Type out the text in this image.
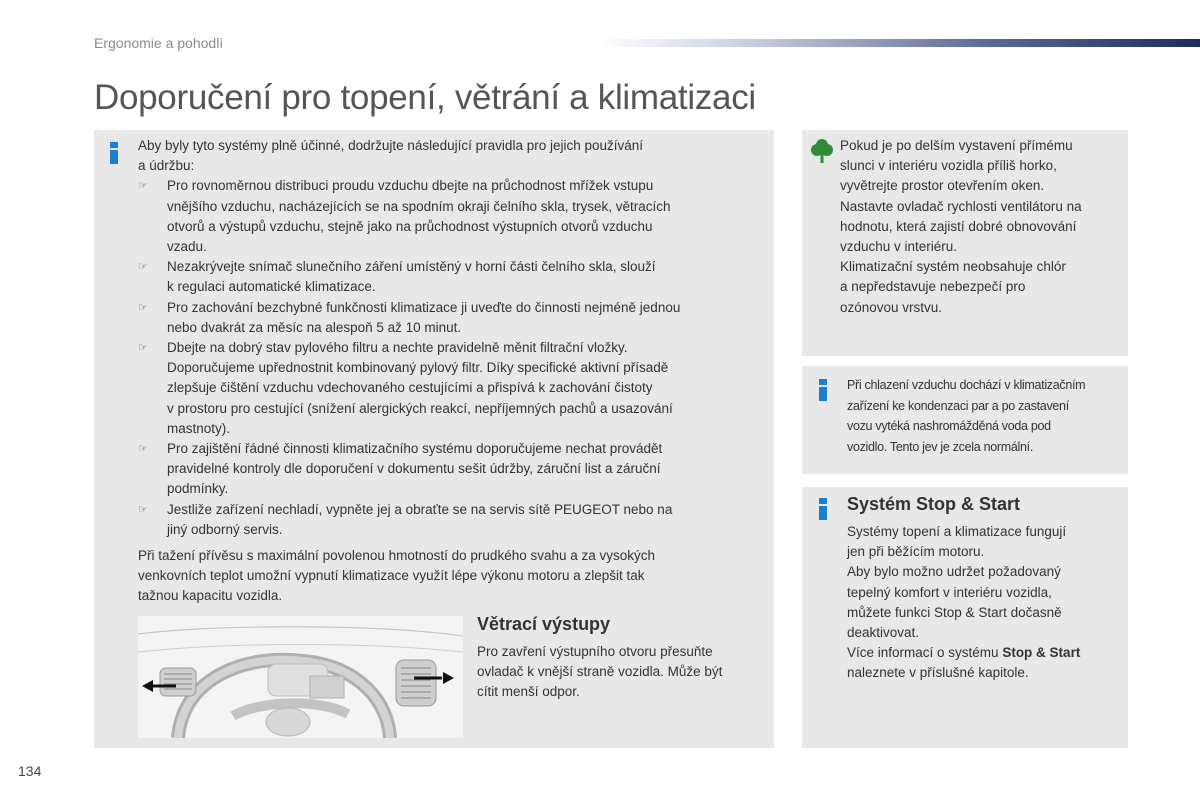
Ergonomie a pohodlí
Doporučení pro topení, větrání a klimatizaci
Aby byly tyto systémy plně účinné, dodržujte následující pravidla pro jejich používání
a údržbu:
☞ Pro rovnoměrnou distribuci proudu vzduchu dbejte na průchodnost mřížek vstupu
vnějšího vzduchu, nacházejících se na spodním okraji čelního skla, trysek, větracích
otvorů a výstupů vzduchu, stejně jako na průchodnost výstupních otvorů vzduchu
vzadu.
☞ Nezakrývejte snímač slunečního záření umístěný v horní části čelního skla, slouží
k regulaci automatické klimatizace.
☞ Pro zachování bezchybné funkčnosti klimatizace ji uveďte do činnosti nejméně jednou
nebo dvakrát za měsíc na alespoň 5 až 10 minut.
☞ Dbejte na dobrý stav pylového filtru a nechte pravidelně měnit filtrační vložky.
Doporučujeme upřednostnit kombinovaný pylový filtr. Díky specifické aktivní přísadě
zlepšuje čištění vzduchu vdechovaného cestujícími a přispívá k zachování čistoty
v prostoru pro cestující (snížení alergických reakcí, nepříjemných pachů a usazování
mastnoty).
☞ Pro zajištění řádné činnosti klimatizačního systému doporučujeme nechat provádět
pravidelné kontroly dle doporučení v dokumentu sešit údržby, záruční list a záruční
podmínky.
☞ Jestliže zařízení nechladí, vypněte jej a obraťte se na servis sítě PEUGEOT nebo na
jiný odborný servis.
Při tažení přívěsu s maximální povolenou hmotností do prudkého svahu a za vysokých
venkovních teplot umožní vypnutí klimatizace využít lépe výkonu motoru a zlepšit tak
tažnou kapacitu vozidla.
Větrací výstupy
Pro zavření výstupního otvoru přesuňte
ovladač k vnější straně vozidla. Může být
cítit menší odpor.
Pokud je po delším vystavení přímému
slunci v interiéru vozidla příliš horko,
vyvětrejte prostor otevřením oken.
Nastavte ovladač rychlosti ventilátoru na
hodnotu, která zajistí dobré obnovování
vzduchu v interiéru.
Klimatizační systém neobsahuje chlór
a nepředstavuje nebezpečí pro
ozónovou vrstvu.
Při chlazení vzduchu dochází v klimatizačním
zařízení ke kondenzaci par a po zastavení
vozu vytéká nashromážděná voda pod
vozidlo. Tento jev je zcela normální.
Systém Stop & Start
Systémy topení a klimatizace fungují
jen při běžícím motoru.
Aby bylo možno udržet požadovaný
tepelný komfort v interiéru vozidla,
můžete funkci Stop & Start dočasně
deaktivovat.
Více informací o systému Stop & Start
naleznete v příslušné kapitole.
134
